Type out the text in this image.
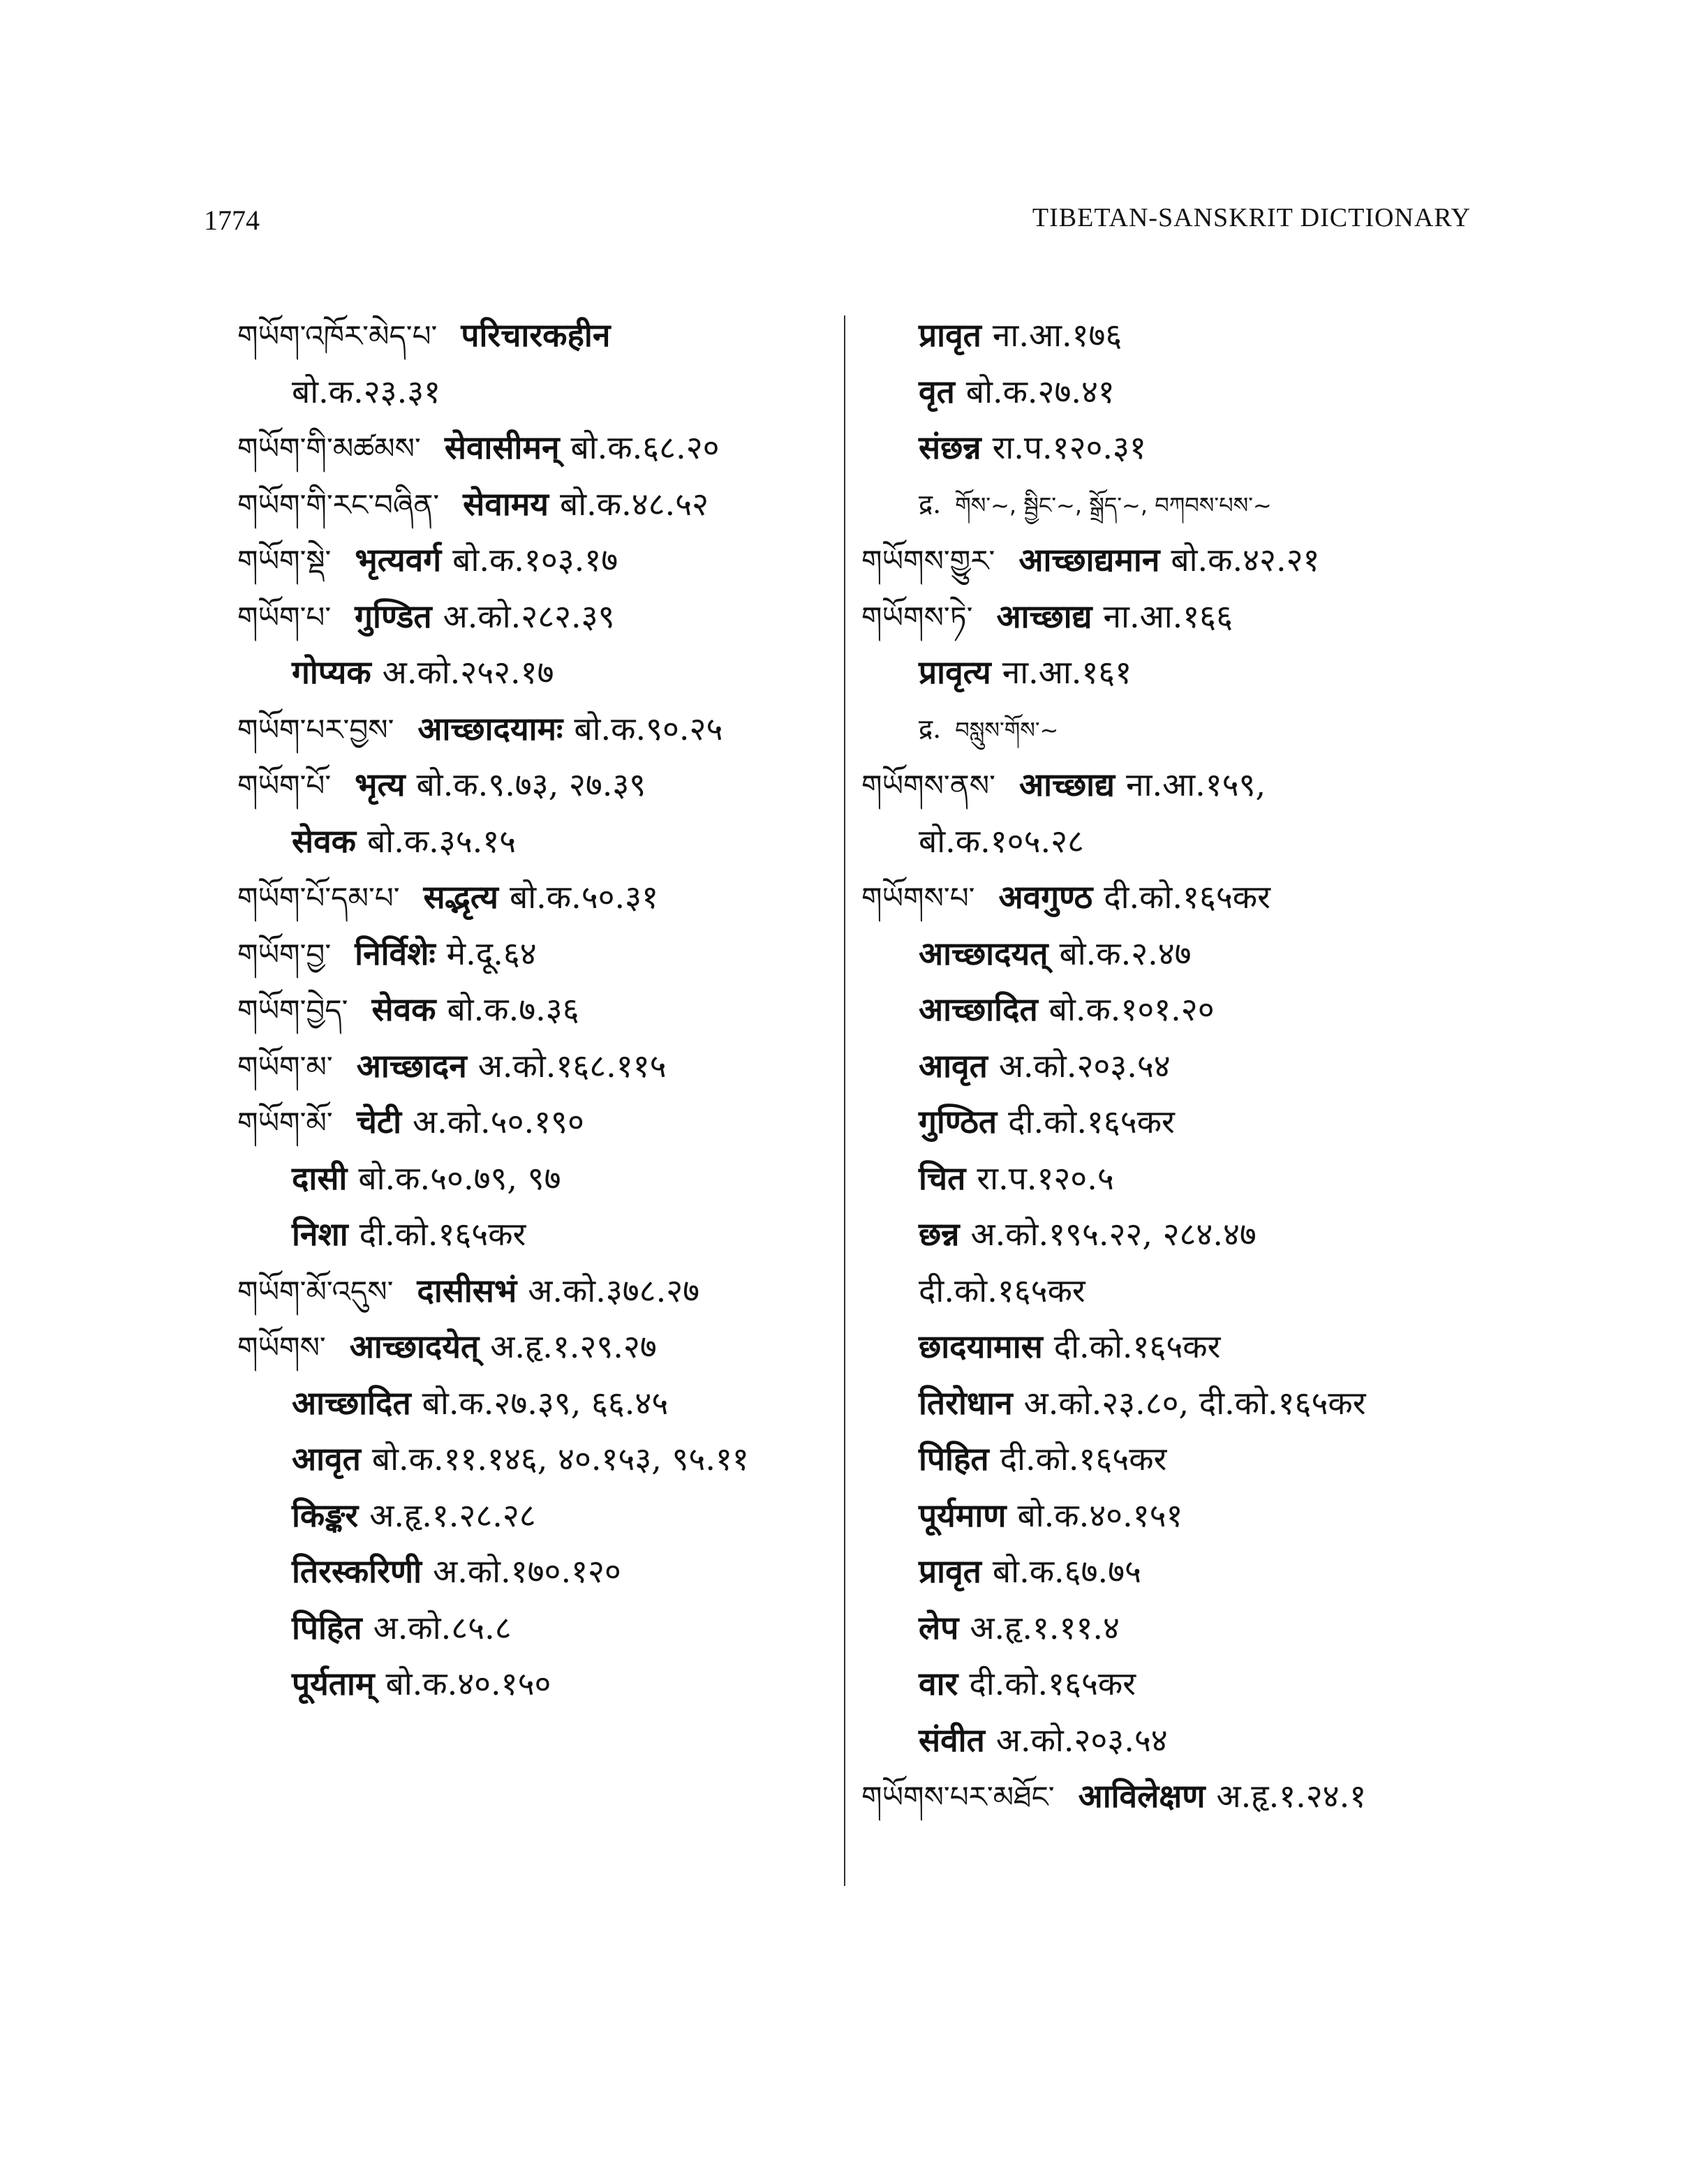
1774	TIBETAN-SANSKRIT DICTIONARY
གཡོག་འཁོར་མེད་པ་ परिचारकहीन
बो.क.२३.३१
གཡོག་གི་མཚམས་ सेवासीमन् बो.क.६८.२०
གཡོག་གི་རང་བཞིན་ सेवामय बो.क.४८.५२
གཡོག་སྡེ་ भृत्यवर्ग बो.क.१०३.१७
གཡོག་པ་ गुण्डित अ.को.२८२.३९
गोप्यक अ.को.२५२.१७
གཡོག་པར་བྱས་ आच्छादयामः बो.क.९०.२५
གཡོག་པོ་ भृत्य बो.क.९.७३, २७.३९
सेवक बो.क.३५.१५
གཡོག་པོ་དམ་པ་ सद्भृत्य बो.क.५०.३१
གཡོག་བྱ་ निर्विशेः मे.दू.६४
གཡོག་བྱེད་ सेवक बो.क.७.३६
གཡོག་མ་ आच्छादन अ.को.१६८.११५
གཡོག་མོ་ चेटी अ.को.५०.१९०
दासी बो.क.५०.७९, ९७
निशा दी.को.१६५कर
གཡོག་མོ་འདུས་ दासीसभं अ.को.३७८.२७
གཡོགས་ आच्छादयेत् अ.हृ.१.२९.२७
आच्छादित बो.क.२७.३९, ६६.४५
आवृत बो.क.११.१४६, ४०.१५३, ९५.११
किङ्कर अ.हृ.१.२८.२८
तिरस्करिणी अ.को.१७०.१२०
पिहित अ.को.८५.८
पूर्यताम् बो.क.४०.१५०
प्रावृत ना.आ.१७६
वृत बो.क.२७.४१
संछन्न रा.प.१२०.३१
द्र. གོས་~, སྦྱིང་~, སྒྲོད་~, བཀབས་པས་~
གཡོགས་གྱུར་ आच्छाद्यमान बो.क.४२.२१
གཡོགས་ཏེ་ आच्छाद्य ना.आ.१६६
प्रावृत्य ना.आ.१६१
द्र. བསླུས་གོས་~
གཡོགས་ནས་ आच्छाद्य ना.आ.१५९,
बो.क.१०५.२८
གཡོགས་པ་ अवगुण्ठ दी.को.१६५कर
आच्छादयत् बो.क.२.४७
आच्छादित बो.क.१०१.२०
आवृत अ.को.२०३.५४
गुण्ठित दी.को.१६५कर
चित रा.प.१२०.५
छन्न अ.को.१९५.२२, २८४.४७
दी.को.१६५कर
छादयामास दी.को.१६५कर
तिरोधान अ.को.२३.८०, दी.को.१६५कर
पिहित दी.को.१६५कर
पूर्यमाण बो.क.४०.१५१
प्रावृत बो.क.६७.७५
लेप अ.हृ.१.११.४
वार दी.को.१६५कर
संवीत अ.को.२०३.५४
གཡོགས་པར་མཐོང་ आविलेक्षण अ.हृ.१.२४.१
